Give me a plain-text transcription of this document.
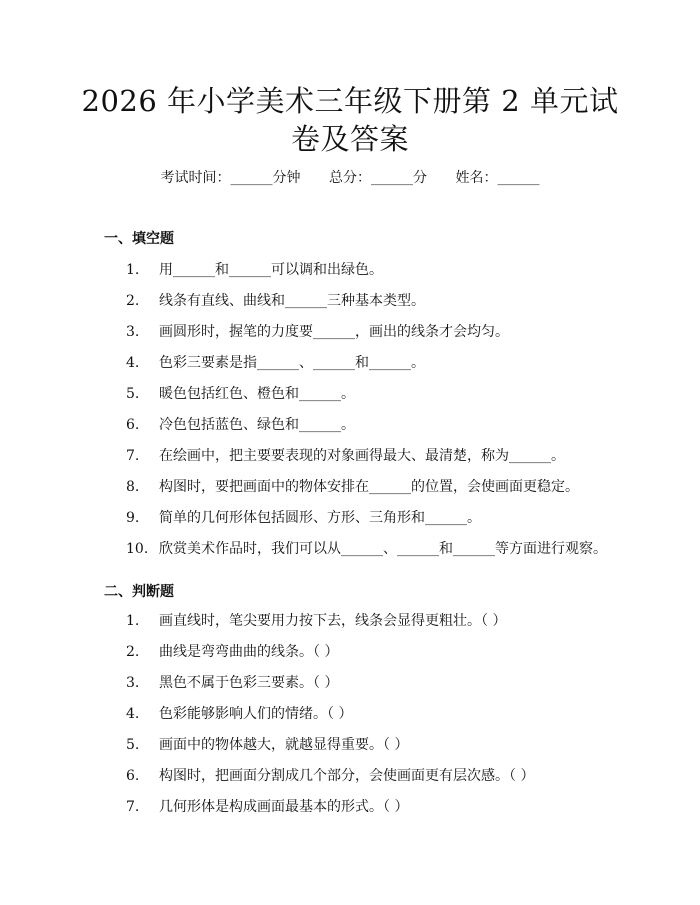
2026 年小学美术三年级下册第 2 单元试卷及答案
考试时间：______分钟 总分：______分 姓名：______
一、填空题
1.	用______和______可以调和出绿色。
2.	线条有直线、曲线和______三种基本类型。
3.	画圆形时，握笔的力度要______，画出的线条才会均匀。
4.	色彩三要素是指______、______和______。
5.	暖色包括红色、橙色和______。
6.	冷色包括蓝色、绿色和______。
7.	在绘画中，把主要要表现的对象画得最大、最清楚，称为______。
8.	构图时，要把画面中的物体安排在______的位置，会使画面更稳定。
9.	简单的几何形体包括圆形、方形、三角形和______。
10. 欣赏美术作品时，我们可以从______、______和______等方面进行观察。
二、判断题
1.	画直线时，笔尖要用力按下去，线条会显得更粗壮。（ ）
2.	曲线是弯弯曲曲的线条。（ ）
3.	黑色不属于色彩三要素。（ ）
4.	色彩能够影响人们的情绪。（ ）
5.	画面中的物体越大，就越显得重要。（ ）
6.	构图时，把画面分割成几个部分，会使画面更有层次感。（ ）
7.	几何形体是构成画面最基本的形式。（ ）
